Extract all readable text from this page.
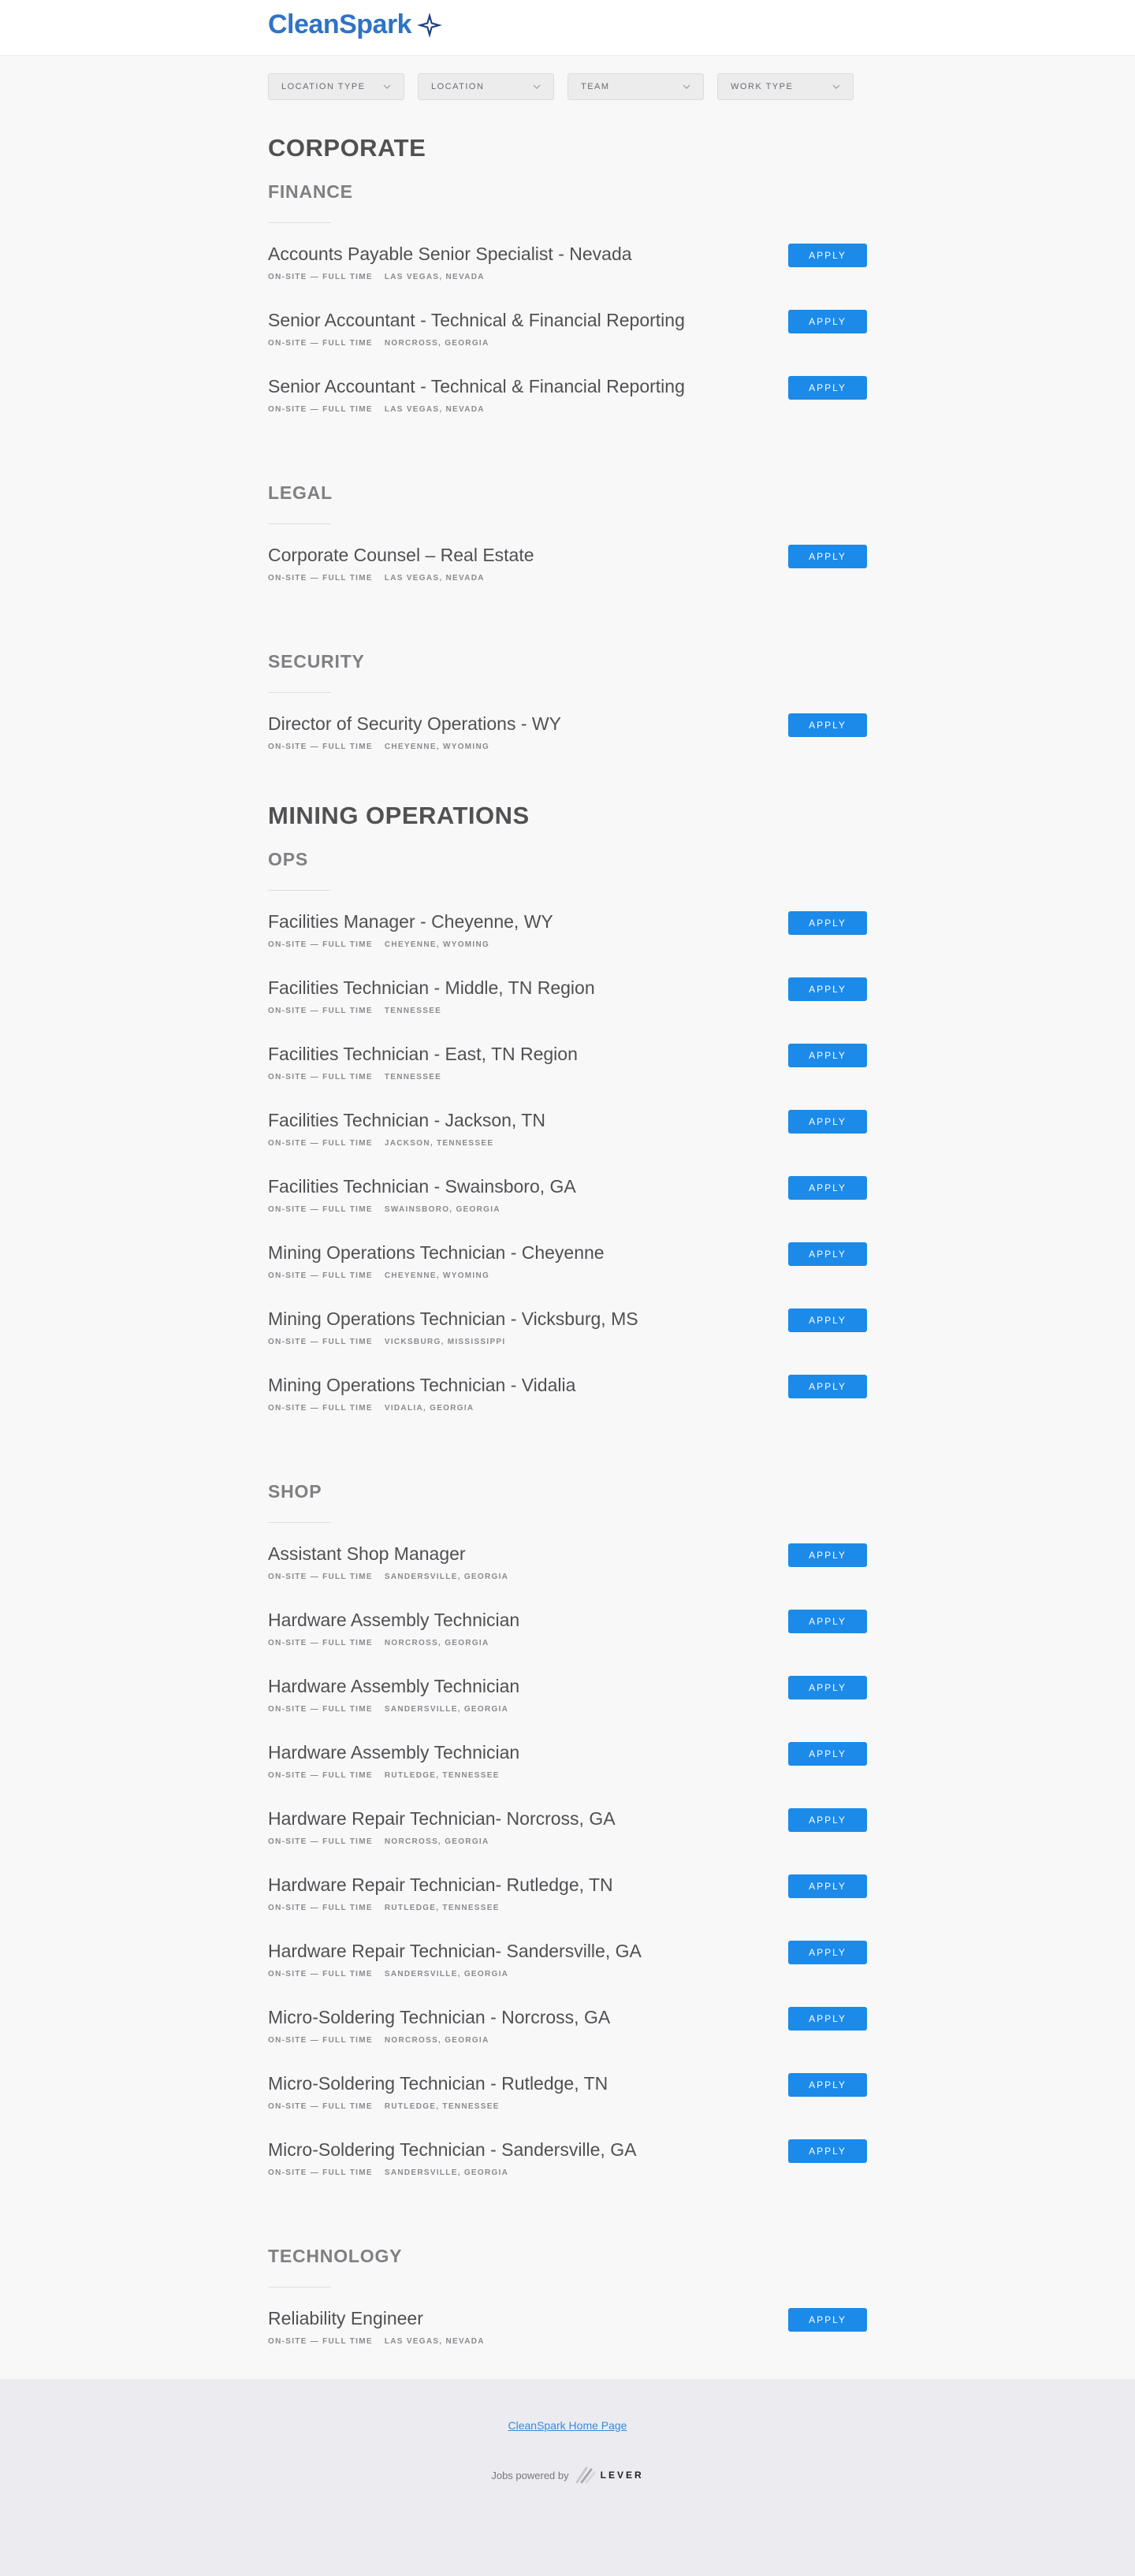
CleanSpark
LOCATION TYPE	LOCATION	TEAM	WORK TYPE
CORPORATE
FINANCE
Accounts Payable Senior Specialist - Nevada
ON-SITE — FULL TIME LAS VEGAS, NEVADA
APPLY
Senior Accountant - Technical & Financial Reporting
ON-SITE — FULL TIME NORCROSS, GEORGIA
APPLY
Senior Accountant - Technical & Financial Reporting
ON-SITE — FULL TIME LAS VEGAS, NEVADA
APPLY
LEGAL
Corporate Counsel – Real Estate
ON-SITE — FULL TIME LAS VEGAS, NEVADA
APPLY
SECURITY
Director of Security Operations - WY
ON-SITE — FULL TIME CHEYENNE, WYOMING
APPLY
MINING OPERATIONS
OPS
Facilities Manager - Cheyenne, WY
ON-SITE — FULL TIME CHEYENNE, WYOMING
APPLY
Facilities Technician - Middle, TN Region
ON-SITE — FULL TIME TENNESSEE
APPLY
Facilities Technician - East, TN Region
ON-SITE — FULL TIME TENNESSEE
APPLY
Facilities Technician - Jackson, TN
ON-SITE — FULL TIME JACKSON, TENNESSEE
APPLY
Facilities Technician - Swainsboro, GA
ON-SITE — FULL TIME SWAINSBORO, GEORGIA
APPLY
Mining Operations Technician - Cheyenne
ON-SITE — FULL TIME CHEYENNE, WYOMING
APPLY
Mining Operations Technician - Vicksburg, MS
ON-SITE — FULL TIME VICKSBURG, MISSISSIPPI
APPLY
Mining Operations Technician - Vidalia
ON-SITE — FULL TIME VIDALIA, GEORGIA
APPLY
SHOP
Assistant Shop Manager
ON-SITE — FULL TIME SANDERSVILLE, GEORGIA
APPLY
Hardware Assembly Technician
ON-SITE — FULL TIME NORCROSS, GEORGIA
APPLY
Hardware Assembly Technician
ON-SITE — FULL TIME SANDERSVILLE, GEORGIA
APPLY
Hardware Assembly Technician
ON-SITE — FULL TIME RUTLEDGE, TENNESSEE
APPLY
Hardware Repair Technician- Norcross, GA
ON-SITE — FULL TIME NORCROSS, GEORGIA
APPLY
Hardware Repair Technician- Rutledge, TN
ON-SITE — FULL TIME RUTLEDGE, TENNESSEE
APPLY
Hardware Repair Technician- Sandersville, GA
ON-SITE — FULL TIME SANDERSVILLE, GEORGIA
APPLY
Micro-Soldering Technician - Norcross, GA
ON-SITE — FULL TIME NORCROSS, GEORGIA
APPLY
Micro-Soldering Technician - Rutledge, TN
ON-SITE — FULL TIME RUTLEDGE, TENNESSEE
APPLY
Micro-Soldering Technician - Sandersville, GA
ON-SITE — FULL TIME SANDERSVILLE, GEORGIA
APPLY
TECHNOLOGY
Reliability Engineer
ON-SITE — FULL TIME LAS VEGAS, NEVADA
APPLY
CleanSpark Home Page
Jobs powered by	LEVER
